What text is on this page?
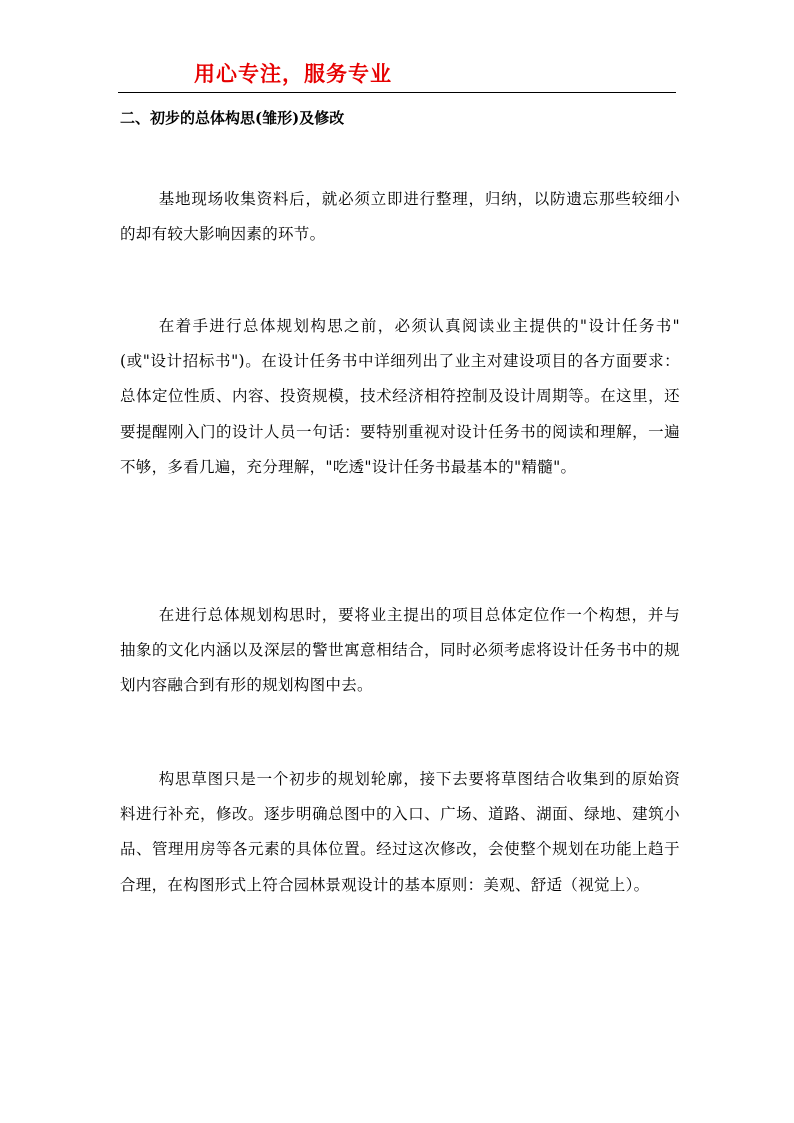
用心专注，服务专业
二、初步的总体构思(雏形)及修改

基地现场收集资料后，就必须立即进行整理，归纳，以防遗忘那些较细小的却有较大影响因素的环节。

在着手进行总体规划构思之前，必须认真阅读业主提供的"设计任务书"(或"设计招标书")。在设计任务书中详细列出了业主对建设项目的各方面要求：总体定位性质、内容、投资规模，技术经济相符控制及设计周期等。在这里，还要提醒刚入门的设计人员一句话：要特别重视对设计任务书的阅读和理解，一遍不够，多看几遍，充分理解，"吃透"设计任务书最基本的"精髓"。

在进行总体规划构思时，要将业主提出的项目总体定位作一个构想，并与抽象的文化内涵以及深层的警世寓意相结合，同时必须考虑将设计任务书中的规划内容融合到有形的规划构图中去。

构思草图只是一个初步的规划轮廓，接下去要将草图结合收集到的原始资料进行补充，修改。逐步明确总图中的入口、广场、道路、湖面、绿地、建筑小品、管理用房等各元素的具体位置。经过这次修改，会使整个规划在功能上趋于合理，在构图形式上符合园林景观设计的基本原则：美观、舒适（视觉上）。
